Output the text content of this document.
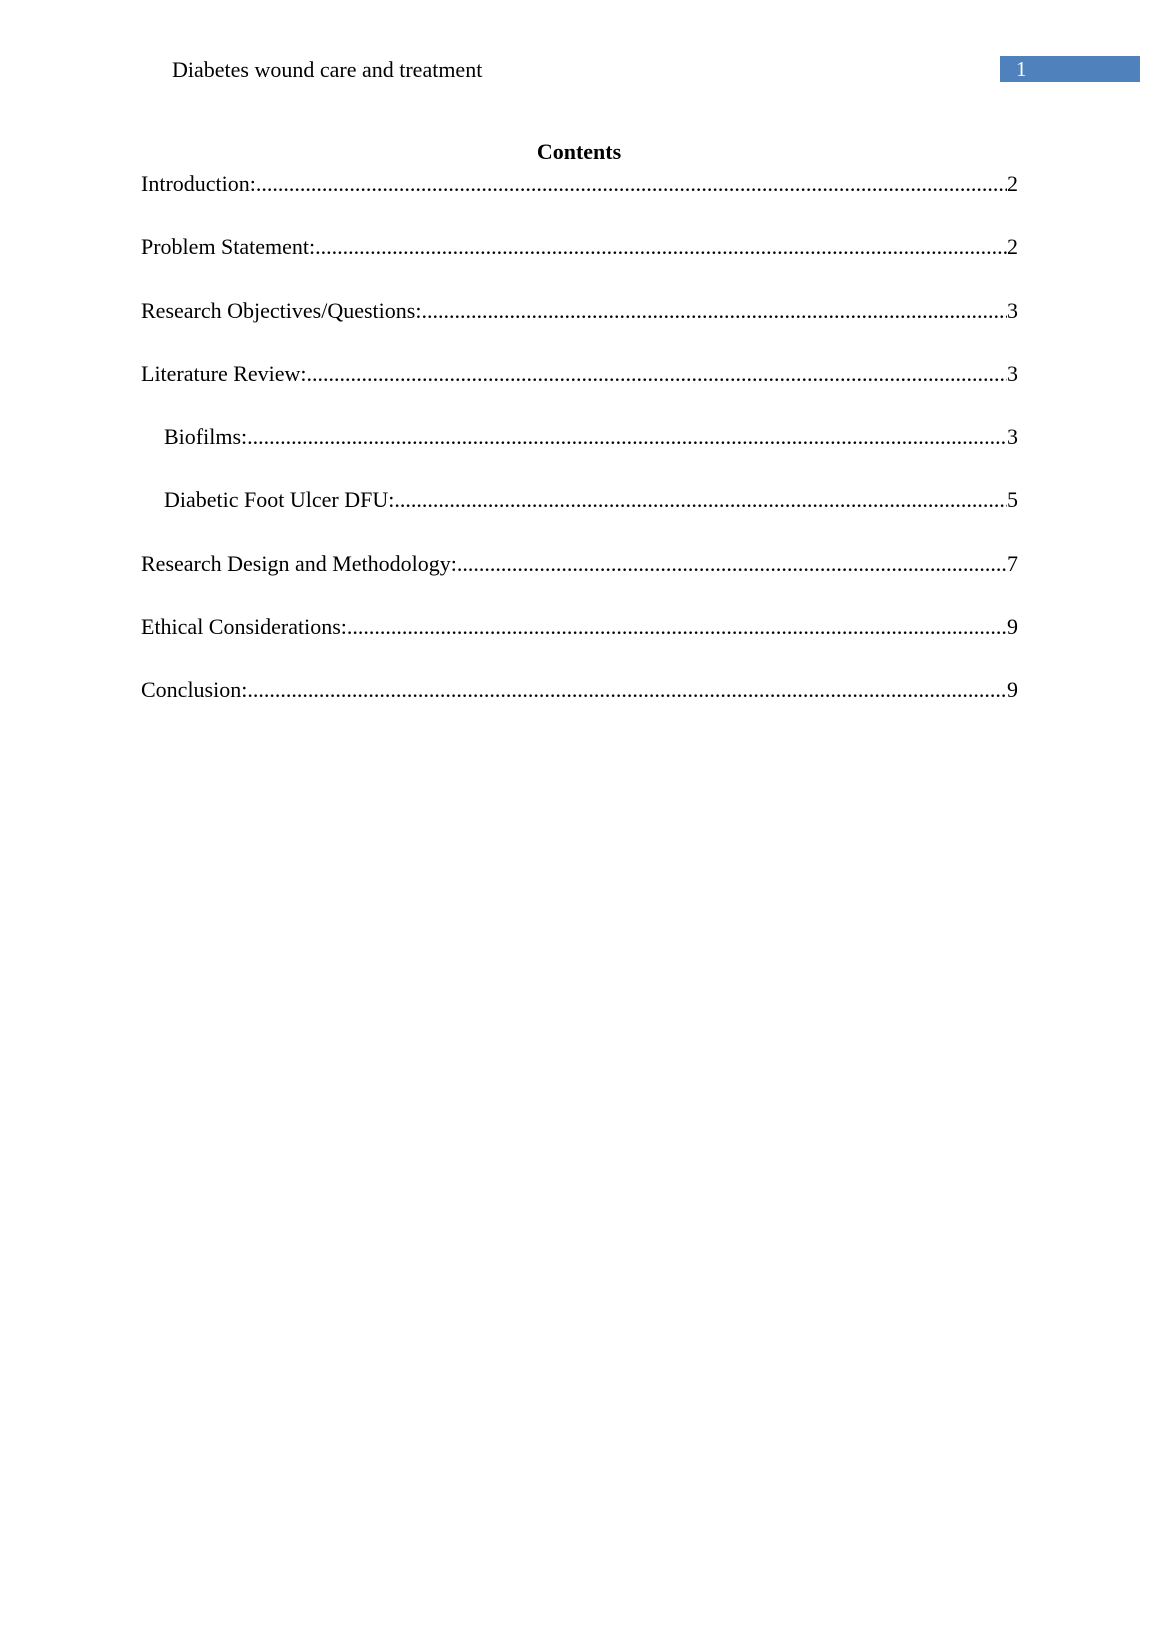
Diabetes wound care and treatment	1
Contents
Introduction: .....	2
Problem Statement: .....	2
Research Objectives/Questions: .....	3
Literature Review: .....	3
Biofilms: .....	3
Diabetic Foot Ulcer DFU: .....	5
Research Design and Methodology: .....	7
Ethical Considerations: .....	9
Conclusion: .....	9
